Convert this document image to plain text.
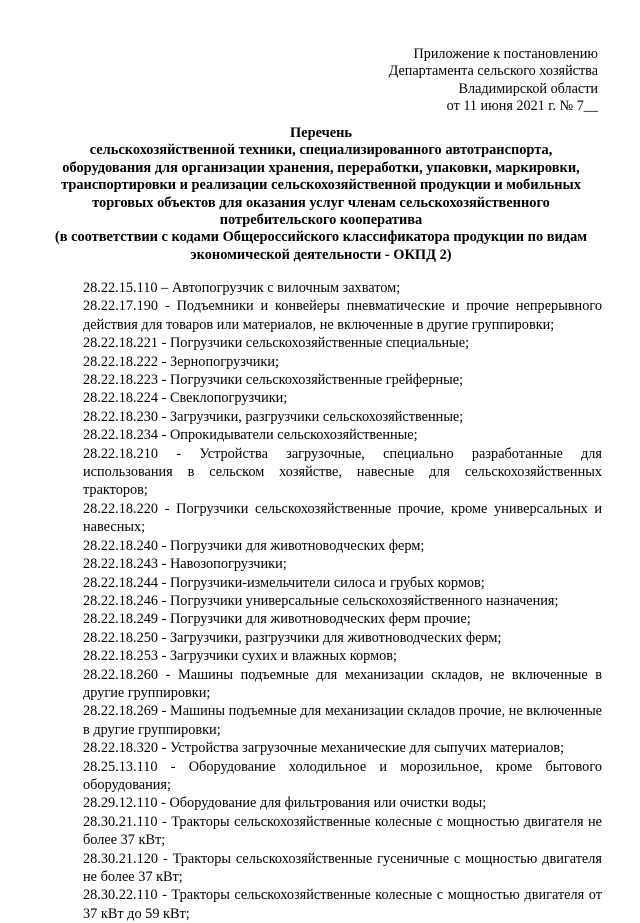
Приложение к постановлению
Департамента сельского хозяйства
Владимирской области
от 11 июня 2021 г. № 7__
Перечень
сельскохозяйственной техники, специализированного автотранспорта,
оборудования для организации хранения, переработки, упаковки, маркировки,
транспортировки и реализации сельскохозяйственной продукции и мобильных
торговых объектов для оказания услуг членам сельскохозяйственного
потребительского кооператива
(в соответствии с кодами Общероссийского классификатора продукции по видам
экономической деятельности - ОКПД 2)

28.22.15.110 – Автопогрузчик с вилочным захватом;

28.22.17.190 - Подъемники и конвейеры пневматические и прочие непрерывного действия для товаров или материалов, не включенные в другие группировки;

28.22.18.221 - Погрузчики сельскохозяйственные специальные;

28.22.18.222 - Зернопогрузчики;

28.22.18.223 - Погрузчики сельскохозяйственные грейферные;

28.22.18.224 - Свеклопогрузчики;

28.22.18.230 - Загрузчики, разгрузчики сельскохозяйственные;

28.22.18.234 - Опрокидыватели сельскохозяйственные;

28.22.18.210 - Устройства загрузочные, специально разработанные для использования в сельском хозяйстве, навесные для сельскохозяйственных тракторов;

28.22.18.220 - Погрузчики сельскохозяйственные прочие, кроме универсальных и навесных;

28.22.18.240 - Погрузчики для животноводческих ферм;

28.22.18.243 - Навозопогрузчики;

28.22.18.244 - Погрузчики-измельчители силоса и грубых кормов;

28.22.18.246 - Погрузчики универсальные сельскохозяйственного назначения;

28.22.18.249 - Погрузчики для животноводческих ферм прочие;

28.22.18.250 - Загрузчики, разгрузчики для животноводческих ферм;

28.22.18.253 - Загрузчики сухих и влажных кормов;

28.22.18.260 - Машины подъемные для механизации складов, не включенные в другие группировки;

28.22.18.269 - Машины подъемные для механизации складов прочие, не включенные в другие группировки;

28.22.18.320 - Устройства загрузочные механические для сыпучих материалов;

28.25.13.110 - Оборудование холодильное и морозильное, кроме бытового оборудования;

28.29.12.110 - Оборудование для фильтрования или очистки воды;

28.30.21.110 - Тракторы сельскохозяйственные колесные с мощностью двигателя не более 37 кВт;

28.30.21.120 - Тракторы сельскохозяйственные гусеничные с мощностью двигателя не более 37 кВт;

28.30.22.110 - Тракторы сельскохозяйственные колесные с мощностью двигателя от 37 кВт до 59 кВт;
